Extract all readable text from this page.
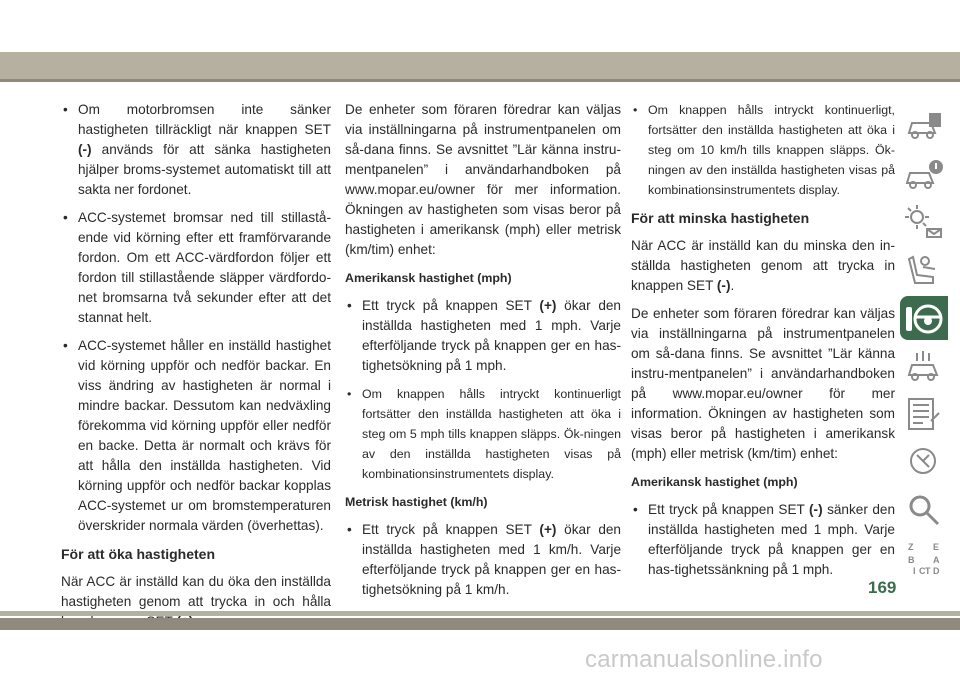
• Om motorbromsen inte sänker hastigheten tillräckligt när knappen SET (-) används för att sänka hastigheten hjälper broms-systemet automatiskt till att sakta ner fordonet.
• ACC-systemet bromsar ned till stillastå-ende vid körning efter ett framförvarande fordon. Om ett ACC-värdfordon följer ett fordon till stillastående släpper värdfordo-net bromsarna två sekunder efter att det stannat helt.
• ACC-systemet håller en inställd hastighet vid körning uppför och nedför backar. En viss ändring av hastigheten är normal i mindre backar. Dessutom kan nedväxling förekomma vid körning uppför eller nedför en backe. Detta är normalt och krävs för att hålla den inställda hastigheten. Vid körning uppför och nedför backar kopplas ACC-systemet ur om bromstemperaturen överskrider normala värden (överhettas).
För att öka hastigheten
När ACC är inställd kan du öka den inställda hastigheten genom att trycka in och hålla
De enheter som föraren föredrar kan väljas via inställningarna på instrumentpanelen om så-dana finns. Se avsnittet ”Lär känna instru-mentpanelen” i användarhandboken på www.mopar.eu/owner för mer information. Ökningen av hastigheten som visas beror på hastigheten i amerikansk (mph) eller metrisk (km/tim) enhet:
Amerikansk hastighet (mph)
• Ett tryck på knappen SET (+) ökar den inställda hastigheten med 1 mph. Varje efterföljande tryck på knappen ger en has-tighetsökning på 1 mph.
• Om knappen hålls intryckt kontinuerligt fortsätter den inställda hastigheten att öka i steg om 5 mph tills knappen släpps. Ök-ningen av den inställda hastigheten visas på kombinationsinstrumentets display.
Metrisk hastighet (km/h)
• Ett tryck på knappen SET (+) ökar den inställda hastigheten med 1 km/h. Varje efterföljande tryck på knappen ger en has-tighetsökning på 1 km/h.
• Om knappen hålls intryckt kontinuerligt, fortsätter den inställda hastigheten att öka i steg om 10 km/h tills knappen släpps. Ök-ningen av den inställda hastigheten visas på kombinationsinstrumentets display.
För att minska hastigheten
När ACC är inställd kan du minska den in-ställda hastigheten genom att trycka in knappen SET (-).
De enheter som föraren föredrar kan väljas via inställningarna på instrumentpanelen om så-dana finns. Se avsnittet ”Lär känna instru-mentpanelen” i användarhandboken på www.mopar.eu/owner för mer information. Ökningen av hastigheten som visas beror på hastigheten i amerikansk (mph) eller metrisk (km/tim) enhet:
Amerikansk hastighet (mph)
• Ett tryck på knappen SET (-) sänker den inställda hastigheten med 1 mph. Varje efterföljande tryck på knappen ger en has-tighetssänkning på 1 mph.
Z E
B A
I C T D
169
carmanualsonline.info
